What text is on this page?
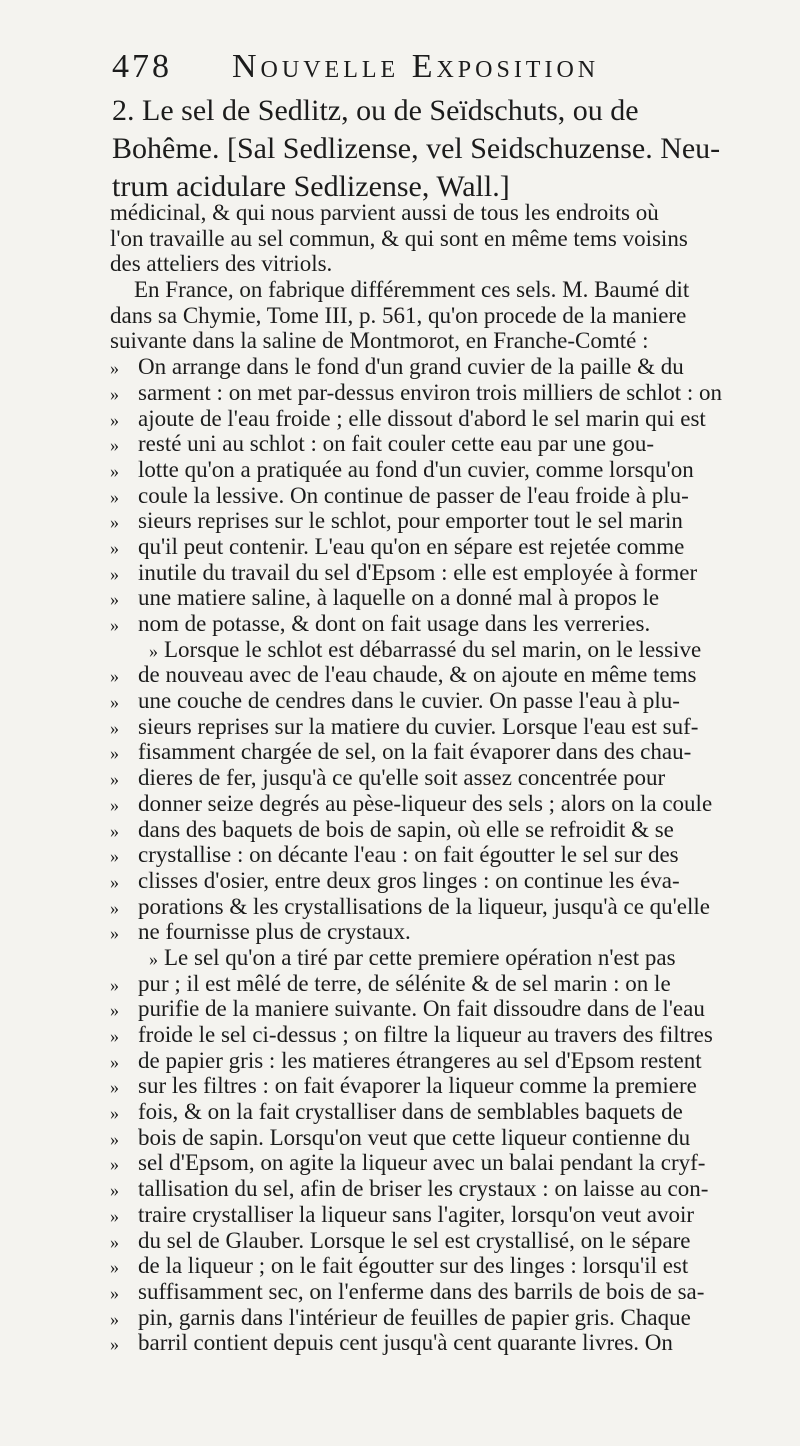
478 Nouvelle Exposition
2. Le sel de Sedlitz, ou de Seïdschuts, ou de
Bohême. [Sal Sedlizense, vel Seidschuzense. Neu-
trum acidulare Sedlizense, Wall.]

médicinal, & qui nous parvient aussi de tous les endroits où
l'on travaille au sel commun, & qui sont en même tems voisins
des atteliers des vitriols.
En France, on fabrique différemment ces sels. M. Baumé dit
dans sa Chymie, Tome III, p. 561, qu'on procede de la maniere
suivante dans la saline de Montmorot, en Franche-Comté :
» On arrange dans le fond d'un grand cuvier de la paille & du
» sarment : on met par-dessus environ trois milliers de schlot : on
» ajoute de l'eau froide ; elle dissout d'abord le sel marin qui est
» resté uni au schlot : on fait couler cette eau par une gou-
» lotte qu'on a pratiquée au fond d'un cuvier, comme lorsqu'on
» coule la lessive. On continue de passer de l'eau froide à plu-
» sieurs reprises sur le schlot, pour emporter tout le sel marin
» qu'il peut contenir. L'eau qu'on en sépare est rejetée comme
» inutile du travail du sel d'Epsom : elle est employée à former
» une matiere saline, à laquelle on a donné mal à propos le
» nom de potasse, & dont on fait usage dans les verreries.
» Lorsque le schlot est débarrassé du sel marin, on le lessive
» de nouveau avec de l'eau chaude, & on ajoute en même tems
» une couche de cendres dans le cuvier. On passe l'eau à plu-
» sieurs reprises sur la matiere du cuvier. Lorsque l'eau est suf-
» fisamment chargée de sel, on la fait évaporer dans des chau-
» dieres de fer, jusqu'à ce qu'elle soit assez concentrée pour
» donner seize degrés au pèse-liqueur des sels ; alors on la coule
» dans des baquets de bois de sapin, où elle se refroidit & se
» crystallise : on décante l'eau : on fait égoutter le sel sur des
» clisses d'osier, entre deux gros linges : on continue les éva-
» porations & les crystallisations de la liqueur, jusqu'à ce qu'elle
» ne fournisse plus de crystaux.
» Le sel qu'on a tiré par cette premiere opération n'est pas
» pur ; il est mêlé de terre, de sélénite & de sel marin : on le
» purifie de la maniere suivante. On fait dissoudre dans de l'eau
» froide le sel ci-dessus ; on filtre la liqueur au travers des filtres
» de papier gris : les matieres étrangeres au sel d'Epsom restent
» sur les filtres : on fait évaporer la liqueur comme la premiere
» fois, & on la fait crystalliser dans de semblables baquets de
» bois de sapin. Lorsqu'on veut que cette liqueur contienne du
» sel d'Epsom, on agite la liqueur avec un balai pendant la cryf-
» tallisation du sel, afin de briser les crystaux : on laisse au con-
» traire crystalliser la liqueur sans l'agiter, lorsqu'on veut avoir
» du sel de Glauber. Lorsque le sel est crystallisé, on le sépare
» de la liqueur ; on le fait égoutter sur des linges : lorsqu'il est
» suffisamment sec, on l'enferme dans des barrils de bois de sa-
» pin, garnis dans l'intérieur de feuilles de papier gris. Chaque
» barril contient depuis cent jusqu'à cent quarante livres. On
